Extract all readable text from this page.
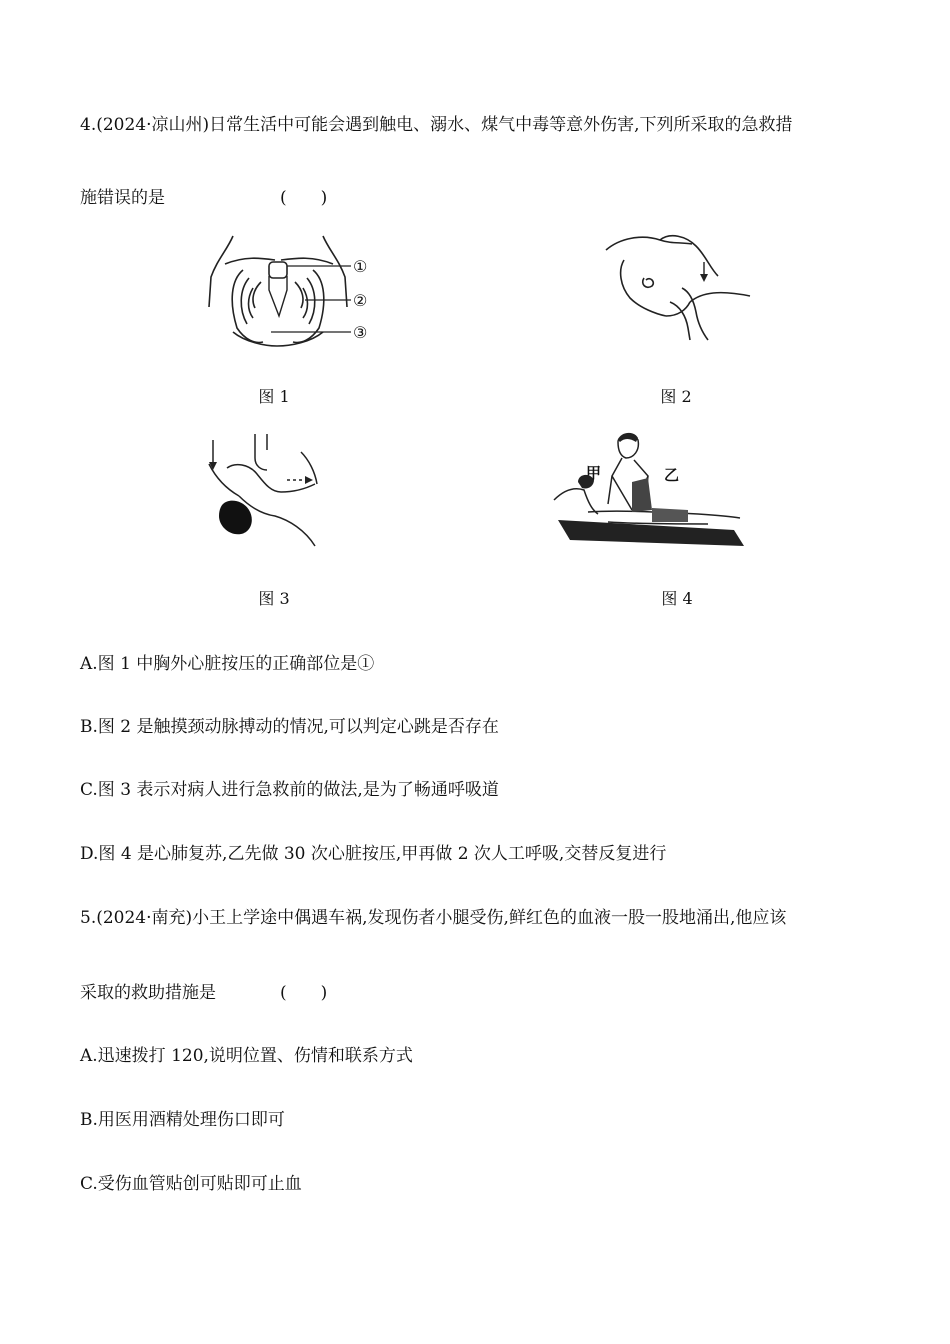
4.(2024·凉山州)日常生活中可能会遇到触电、溺水、煤气中毒等意外伤害,下列所采取的急救措
施错误的是	(　　)
①
②
③
图 1	图 2
图 3
甲	乙
图 4
A.图 1 中胸外心脏按压的正确部位是①
B.图 2 是触摸颈动脉搏动的情况,可以判定心跳是否存在
C.图 3 表示对病人进行急救前的做法,是为了畅通呼吸道
D.图 4 是心肺复苏,乙先做 30 次心脏按压,甲再做 2 次人工呼吸,交替反复进行
5.(2024·南充)小王上学途中偶遇车祸,发现伤者小腿受伤,鲜红色的血液一股一股地涌出,他应该
采取的救助措施是	(　　)
A.迅速拨打 120,说明位置、伤情和联系方式
B.用医用酒精处理伤口即可
C.受伤血管贴创可贴即可止血
